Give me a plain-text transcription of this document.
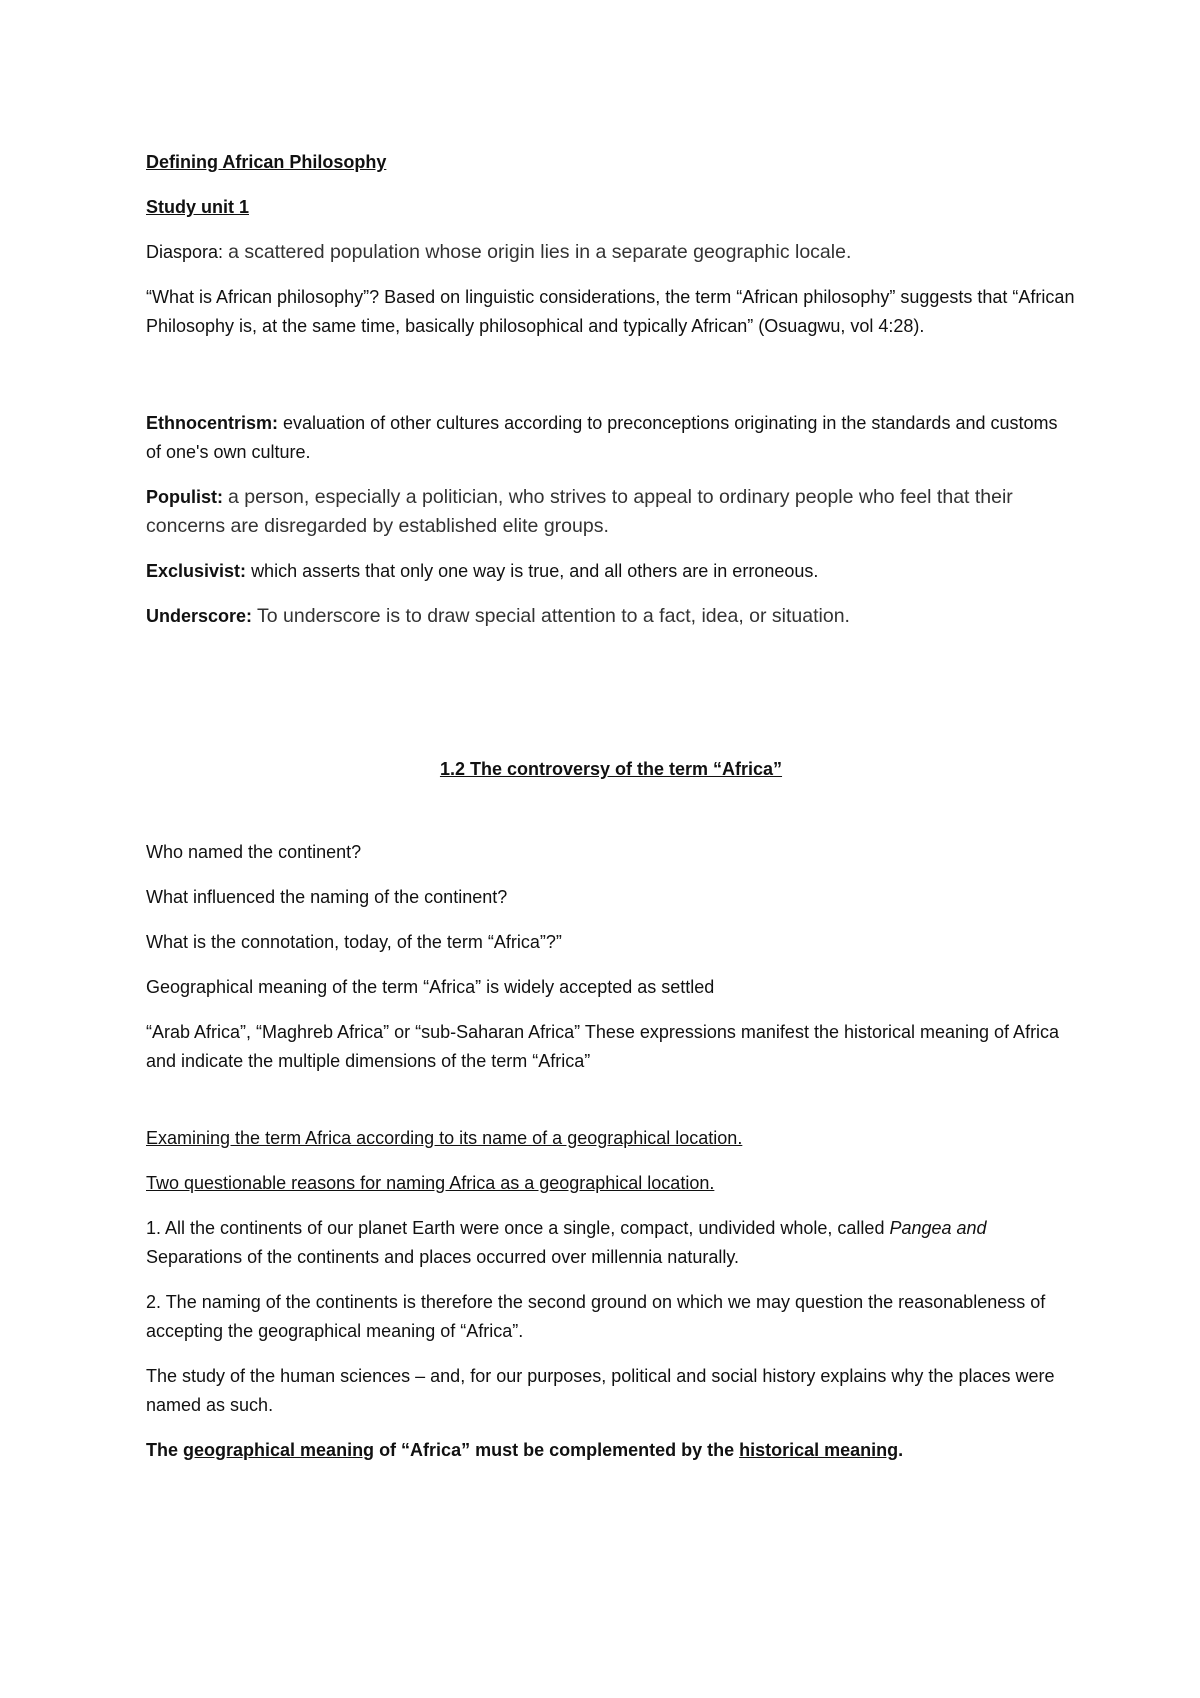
Defining African Philosophy

Study unit 1

Diaspora: a scattered population whose origin lies in a separate geographic locale.

“What is African philosophy”? Based on linguistic considerations, the term “African philosophy” suggests that “African Philosophy is, at the same time, basically philosophical and typically African” (Osuagwu, vol 4:28).

Ethnocentrism: evaluation of other cultures according to preconceptions originating in the standards and customs of one's own culture.

Populist: a person, especially a politician, who strives to appeal to ordinary people who feel that their concerns are disregarded by established elite groups.

Exclusivist: which asserts that only one way is true, and all others are in erroneous.

Underscore: To underscore is to draw special attention to a fact, idea, or situation.

1.2 The controversy of the term “Africa”

Who named the continent?

What influenced the naming of the continent?

What is the connotation, today, of the term “Africa”?”

Geographical meaning of the term “Africa” is widely accepted as settled

“Arab Africa”, “Maghreb Africa” or “sub-Saharan Africa” These expressions manifest the historical meaning of Africa and indicate the multiple dimensions of the term “Africa”

Examining the term Africa according to its name of a geographical location.

Two questionable reasons for naming Africa as a geographical location.

1. All the continents of our planet Earth were once a single, compact, undivided whole, called Pangea and Separations of the continents and places occurred over millennia naturally.

2. The naming of the continents is therefore the second ground on which we may question the reasonableness of accepting the geographical meaning of “Africa”.

The study of the human sciences – and, for our purposes, political and social history explains why the places were named as such.

The geographical meaning of “Africa” must be complemented by the historical meaning.
